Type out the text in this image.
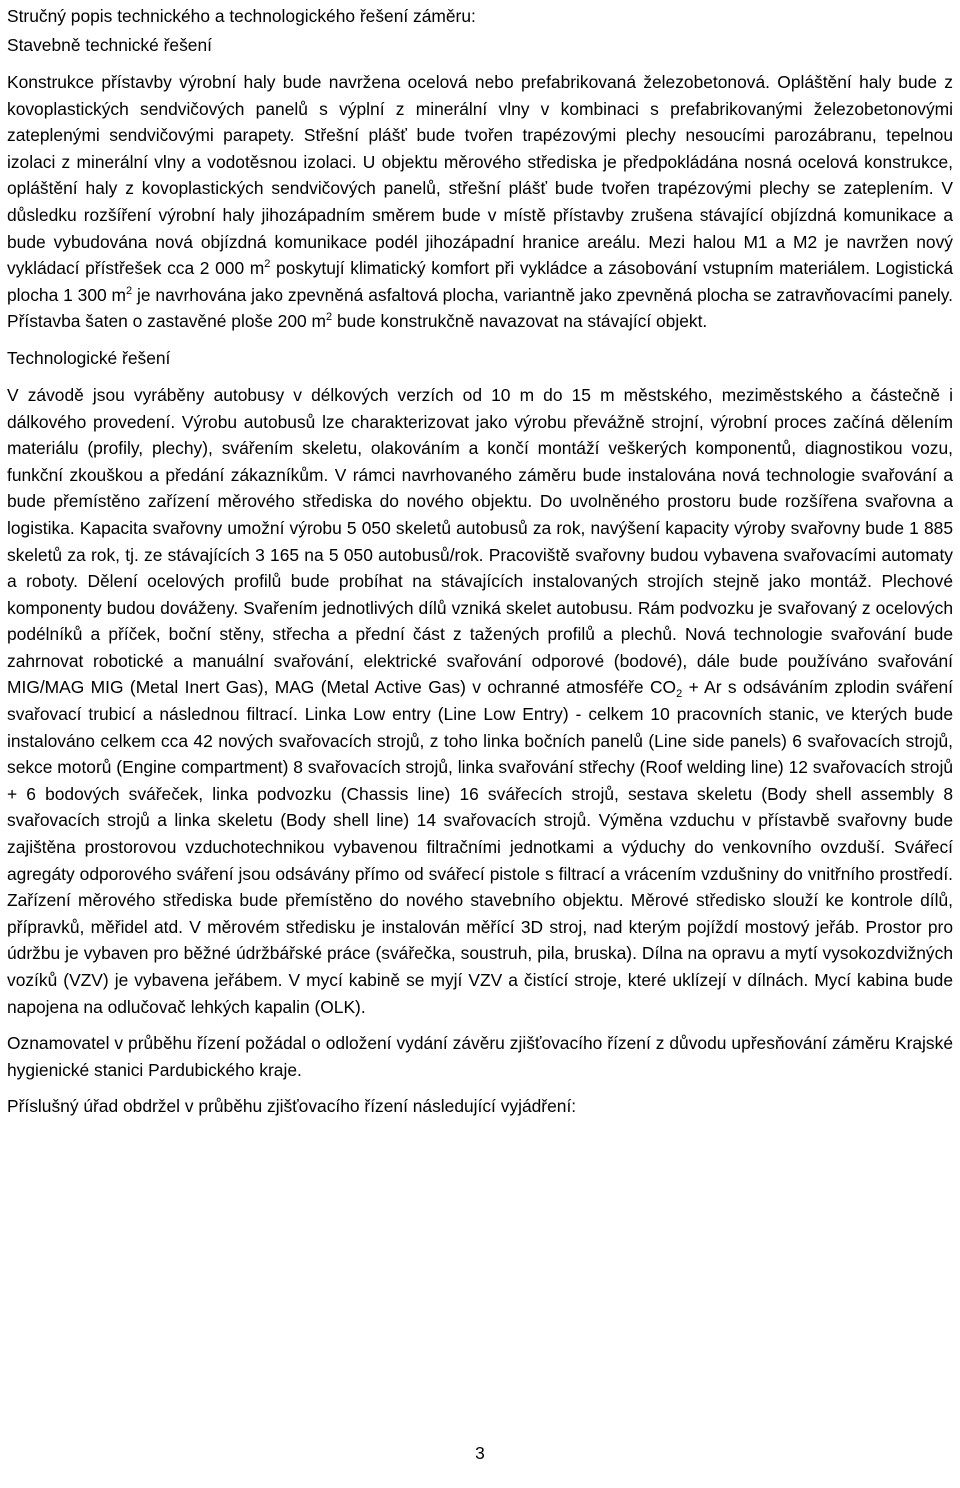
Stručný popis technického a technologického řešení záměru:

Stavebně technické řešení

Konstrukce přístavby výrobní haly bude navržena ocelová nebo prefabrikovaná železobetonová. Opláštění haly bude z kovoplastických sendvičových panelů s výplní z minerální vlny v kombinaci s prefabrikovanými železobetonovými zateplenými sendvičovými parapety. Střešní plášť bude tvořen trapézovými plechy nesoucími parozábranu, tepelnou izolaci z minerální vlny a vodotěsnou izolaci. U objektu měrového střediska je předpokládána nosná ocelová konstrukce, opláštění haly z kovoplastických sendvičových panelů, střešní plášť bude tvořen trapézovými plechy se zateplením. V důsledku rozšíření výrobní haly jihozápadním směrem bude v místě přístavby zrušena stávající objízdná komunikace a bude vybudována nová objízdná komunikace podél jihozápadní hranice areálu. Mezi halou M1 a M2 je navržen nový vykládací přístřešek cca 2 000 $m^2$ poskytují klimatický komfort při vykládce a zásobování vstupním materiálem. Logistická plocha 1 300 $m^2$ je navrhována jako zpevněná asfaltová plocha, variantně jako zpevněná plocha se zatravňovacími panely. Přístavba šaten o zastavěné ploše 200 $m^2$ bude konstrukčně navazovat na stávající objekt.

Technologické řešení

V závodě jsou vyráběny autobusy v délkových verzích od 10 m do 15 m městského, meziměstského a částečně i dálkového provedení. Výrobu autobusů lze charakterizovat jako výrobu převážně strojní, výrobní proces začíná dělením materiálu (profily, plechy), svářením skeletu, olakováním a končí montáží veškerých komponentů, diagnostikou vozu, funkční zkouškou a předání zákazníkům. V rámci navrhovaného záměru bude instalována nová technologie svařování a bude přemístěno zařízení měrového střediska do nového objektu. Do uvolněného prostoru bude rozšířena svařovna a logistika. Kapacita svařovny umožní výrobu 5 050 skeletů autobusů za rok, navýšení kapacity výroby svařovny bude 1 885 skeletů za rok, tj. ze stávajících 3 165 na 5 050 autobusů/rok. Pracoviště svařovny budou vybavena svařovacími automaty a roboty. Dělení ocelových profilů bude probíhat na stávajících instalovaných strojích stejně jako montáž. Plechové komponenty budou dováženy. Svařením jednotlivých dílů vzniká skelet autobusu. Rám podvozku je svařovaný z ocelových podélníků a příček, boční stěny, střecha a přední část z tažených profilů a plechů. Nová technologie svařování bude zahrnovat robotické a manuální svařování, elektrické svařování odporové (bodové), dále bude používáno svařování MIG/MAG MIG (Metal Inert Gas), MAG (Metal Active Gas) v ochranné atmosféře $CO_2 + Ar$ s odsáváním zplodin sváření svařovací trubicí a následnou filtrací. Linka Low entry (Line Low Entry) - celkem 10 pracovních stanic, ve kterých bude instalováno celkem cca 42 nových svařovacích strojů, z toho linka bočních panelů (Line side panels) 6 svařovacích strojů, sekce motorů (Engine compartment) 8 svařovacích strojů, linka svařování střechy (Roof welding line) 12 svařovacích strojů + 6 bodových svářeček, linka podvozku (Chassis line) 16 svářecích strojů, sestava skeletu (Body shell assembly 8 svařovacích strojů a linka skeletu (Body shell line) 14 svařovacích strojů. Výměna vzduchu v přístavbě svařovny bude zajištěna prostorovou vzduchotechnikou vybavenou filtračními jednotkami a výduchy do venkovního ovzduší. Svářecí agregáty odporového sváření jsou odsávány přímo od svářecí pistole s filtrací a vrácením vzdušniny do vnitřního prostředí. Zařízení měrového střediska bude přemístěno do nového stavebního objektu. Měrové středisko slouží ke kontrole dílů, přípravků, měřidel atd. V měrovém středisku je instalován měřící 3D stroj, nad kterým pojíždí mostový jeřáb. Prostor pro údržbu je vybaven pro běžné údržbářské práce (svářečka, soustruh, pila, bruska). Dílna na opravu a mytí vysokozdvižných vozíků (VZV) je vybavena jeřábem. V mycí kabině se myjí VZV a čistící stroje, které uklízejí v dílnách. Mycí kabina bude napojena na odlučovač lehkých kapalin (OLK).

Oznamovatel v průběhu řízení požádal o odložení vydání závěru zjišťovacího řízení z důvodu upřesňování záměru Krajské hygienické stanici Pardubického kraje.

Příslušný úřad obdržel v průběhu zjišťovacího řízení následující vyjádření:

3
